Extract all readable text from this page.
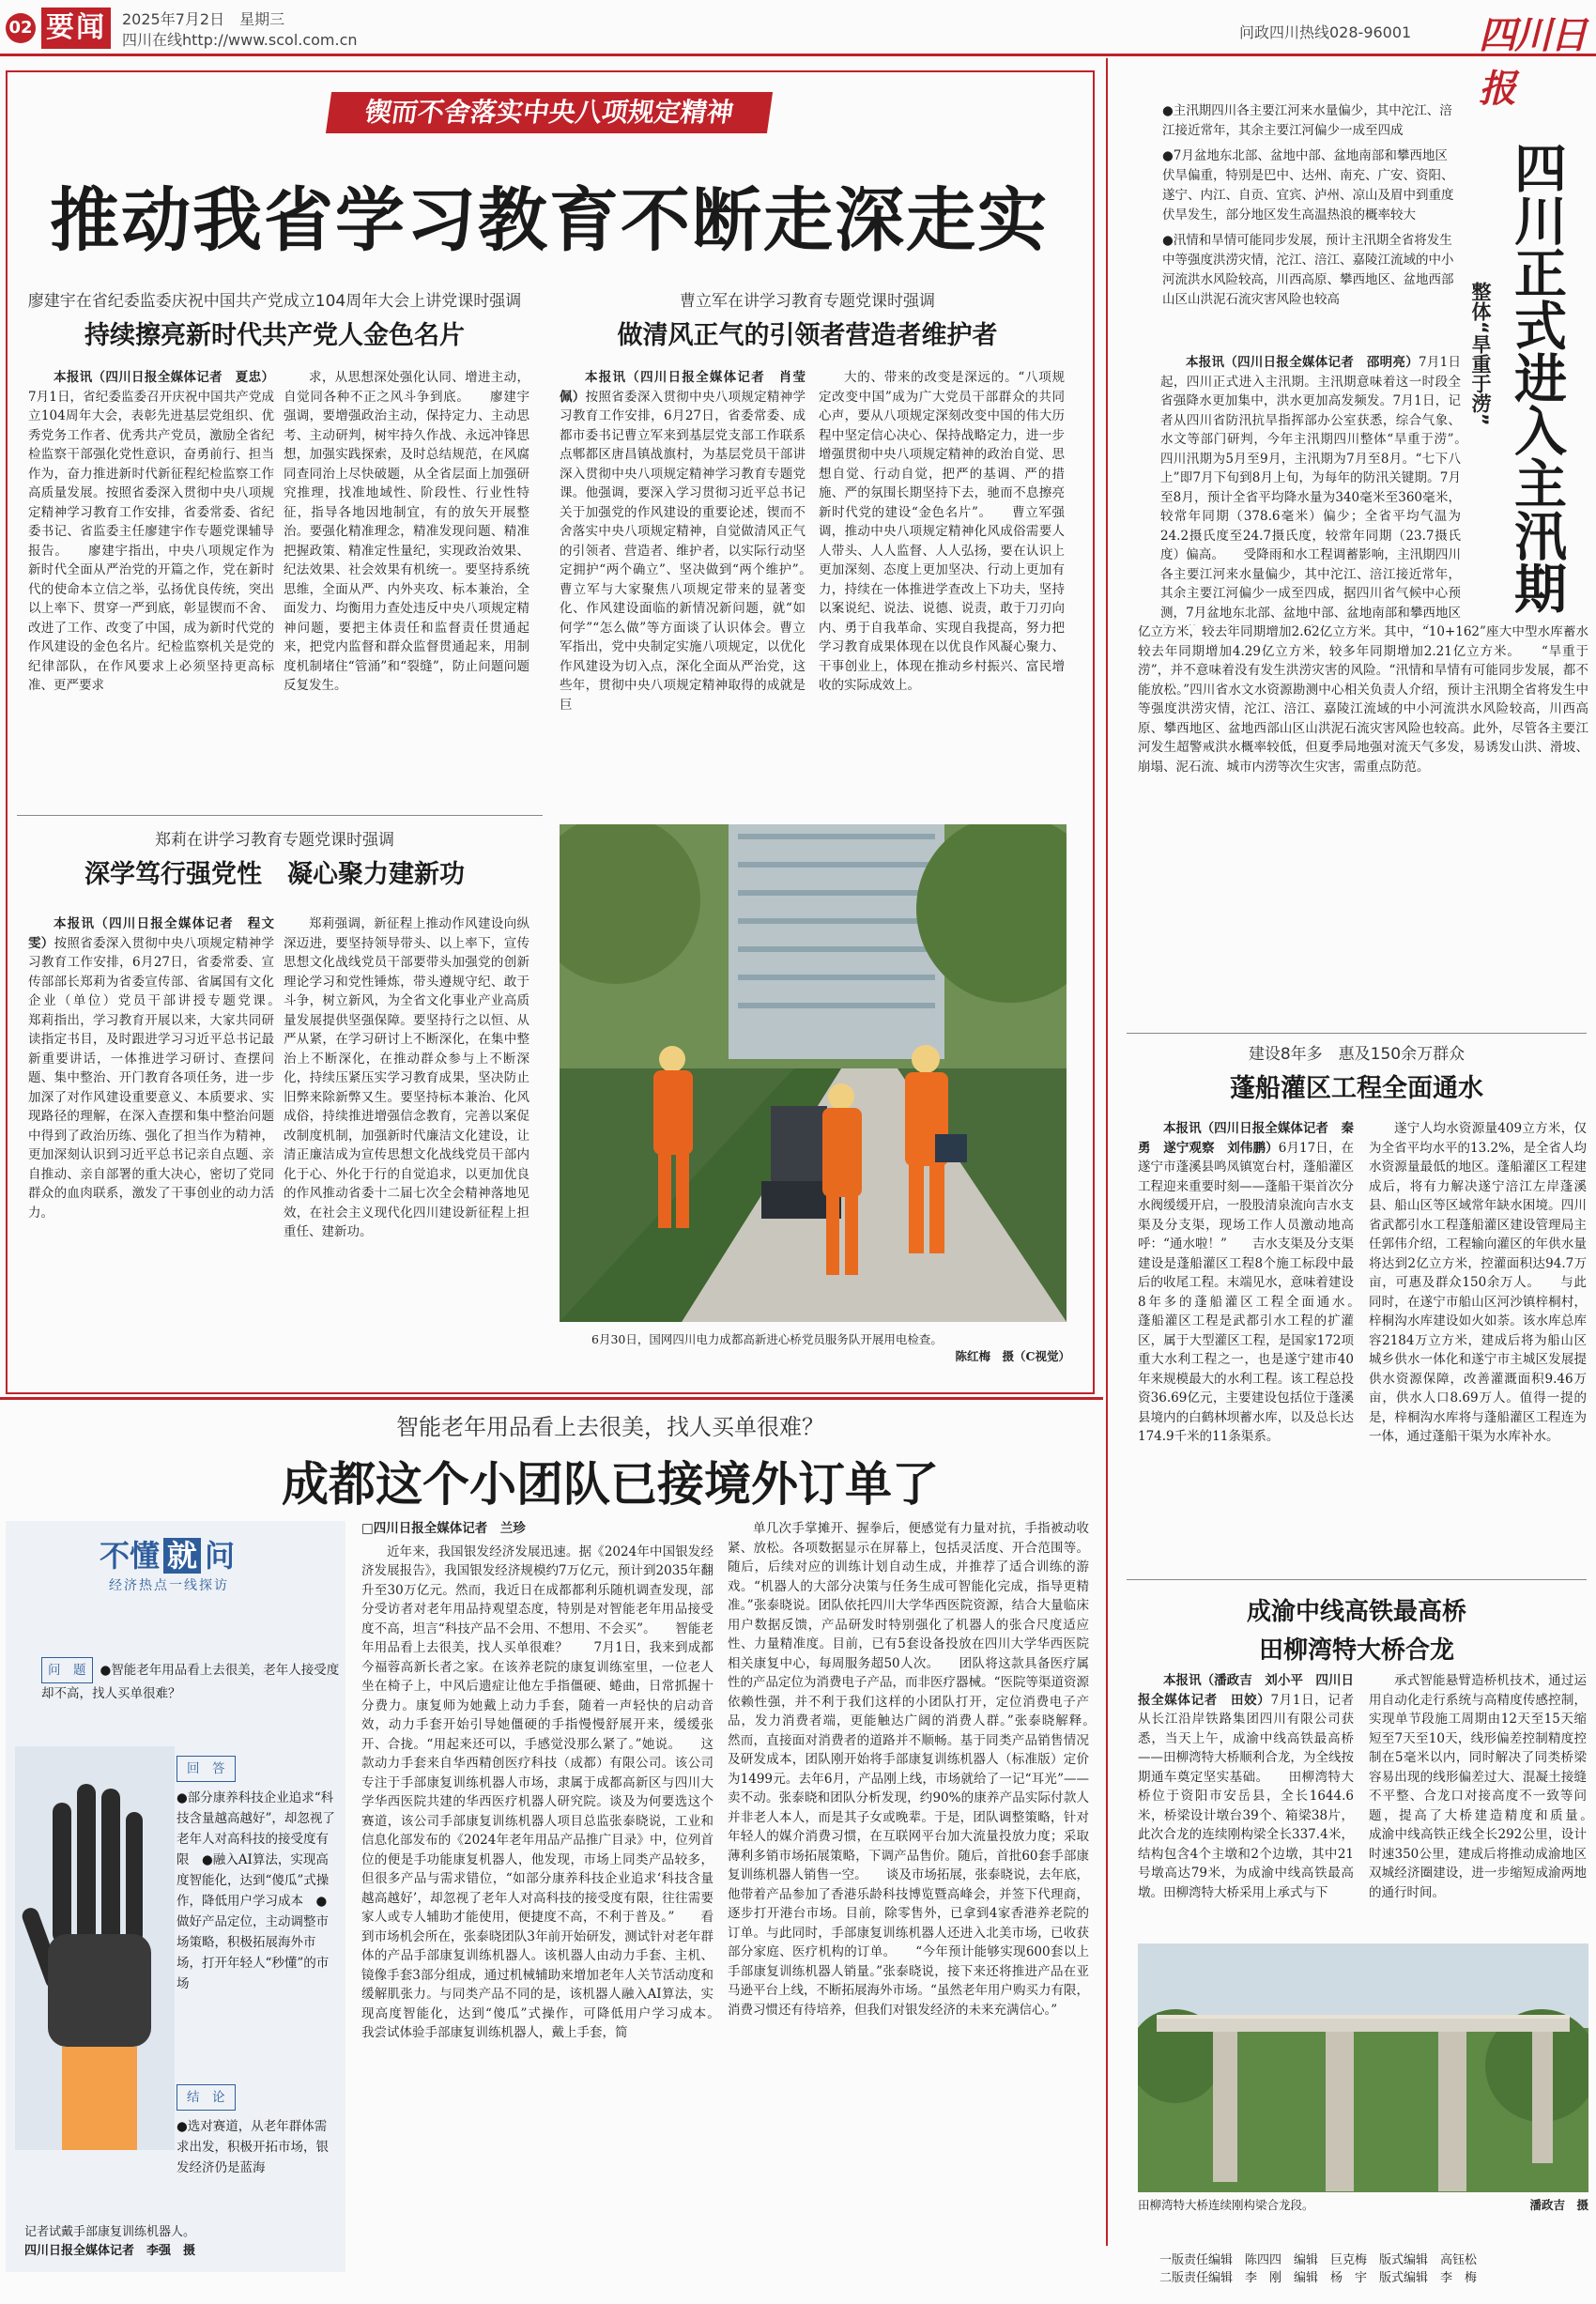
02 要闻	2025年7月2日　星期三
四川在线http://www.scol.com.cn	问政四川热线028-96001 四川日报
锲而不舍落实中央八项规定精神
推动我省学习教育不断走深走实
廖建宇在省纪委监委庆祝中国共产党成立104周年大会上讲党课时强调
持续擦亮新时代共产党人金色名片

本报讯（四川日报全媒体记者　夏忠）7月1日，省纪委监委召开庆祝中国共产党成立104周年大会，表彰先进基层党组织、优秀党务工作者、优秀共产党员，激励全省纪检监察干部强化党性意识，奋勇前行、担当作为，奋力推进新时代新征程纪检监察工作高质量发展。按照省委深入贯彻中央八项规定精神学习教育工作安排，省委常委、省纪委书记、省监委主任廖建宇作专题党课辅导报告。　　廖建宇指出，中央八项规定作为新时代全面从严治党的开篇之作，党在新时代的使命本立信之举，弘扬优良传统，突出以上率下、贯穿一严到底，彰显锲而不舍、改进了工作、改变了中国，成为新时代党的作风建设的金色名片。纪检监察机关是党的纪律部队，在作风要求上必须坚持更高标准、更严要求

求，从思想深处强化认同、增进主动，自觉同各种不正之风斗争到底。　　廖建宇强调，要增强政治主动，保持定力、主动思考、主动研判，树牢持久作战、永远冲锋思想，加强实践探索，及时总结规范，在风腐同查同治上尽快破题，从全省层面上加强研究推理，找准地域性、阶段性、行业性特征，指导各地因地制宜，有的放矢开展整治。要强化精准理念，精准发现问题、精准把握政策、精准定性量纪，实现政治效果、纪法效果、社会效果有机统一。要坚持系统思维，全面从严、内外夹攻、标本兼治，全面发力、均衡用力查处违反中央八项规定精神问题，要把主体责任和监督责任贯通起来，把党内监督和群众监督贯通起来，用制度机制堵住“管涌”和“裂缝”，防止问题问题反复发生。

曹立军在讲学习教育专题党课时强调
做清风正气的引领者营造者维护者

本报讯（四川日报全媒体记者　肖莹佩）按照省委深入贯彻中央八项规定精神学习教育工作安排，6月27日，省委常委、成都市委书记曹立军来到基层党支部工作联系点郫都区唐昌镇战旗村，为基层党员干部讲深入贯彻中央八项规定精神学习教育专题党课。他强调，要深入学习贯彻习近平总书记关于加强党的作风建设的重要论述，锲而不舍落实中央八项规定精神，自觉做清风正气的引领者、营造者、维护者，以实际行动坚定拥护“两个确立”、坚决做到“两个维护”。　　曹立军与大家聚焦八项规定带来的显著变化、作风建设面临的新情况新问题，就“如何学”“怎么做”等方面谈了认识体会。曹立军指出，党中央制定实施八项规定，以优化作风建设为切入点，深化全面从严治党，这些年，贯彻中央八项规定精神取得的成就是巨

大的、带来的改变是深远的。“八项规定改变中国”成为广大党员干部群众的共同心声，要从八项规定深刻改变中国的伟大历程中坚定信心决心、保持战略定力，进一步增强贯彻中央八项规定精神的政治自觉、思想自觉、行动自觉，把严的基调、严的措施、严的氛围长期坚持下去，驰而不息擦亮新时代党的建设“金色名片”。　　曹立军强调，推动中央八项规定精神化风成俗需要人人带头、人人监督、人人弘扬，要在认识上更加深刻、态度上更加坚决、行动上更加有力，持续在一体推进学查改上下功夫，坚持以案说纪、说法、说德、说责，敢于刀刃向内、勇于自我革命、实现自我提高，努力把学习教育成果体现在以优良作风凝心聚力、干事创业上，体现在推动乡村振兴、富民增收的实际成效上。

郑莉在讲学习教育专题党课时强调
深学笃行强党性　凝心聚力建新功

本报讯（四川日报全媒体记者　程文雯）按照省委深入贯彻中央八项规定精神学习教育工作安排，6月27日，省委常委、宣传部部长郑莉为省委宣传部、省属国有文化企业（单位）党员干部讲授专题党课。　　郑莉指出，学习教育开展以来，大家共同研读指定书目，及时跟进学习习近平总书记最新重要讲话，一体推进学习研讨、查摆问题、集中整治、开门教育各项任务，进一步加深了对作风建设重要意义、本质要求、实现路径的理解，在深入查摆和集中整治问题中得到了政治历练、强化了担当作为精神，更加深刻认识到习近平总书记亲自点题、亲自推动、亲自部署的重大决心，密切了党同群众的血肉联系，激发了干事创业的动力活力。

郑莉强调，新征程上推动作风建设向纵深迈进，要坚持领导带头、以上率下，宣传思想文化战线党员干部要带头加强党的创新理论学习和党性锤炼，带头遵规守纪、敢于斗争，树立新风，为全省文化事业产业高质量发展提供坚强保障。要坚持行之以恒、从严从紧，在学习研讨上不断深化，在集中整治上不断深化，在推动群众参与上不断深化，持续压紧压实学习教育成果，坚决防止旧弊来除新弊又生。要坚持标本兼治、化风成俗，持续推进增强信念教育，完善以案促改制度机制，加强新时代廉洁文化建设，让清正廉洁成为宣传思想文化战线党员干部内化于心、外化于行的自觉追求，以更加优良的作风推动省委十二届七次全会精神落地见效，在社会主义现代化四川建设新征程上担重任、建新功。

6月30日，国网四川电力成都高新进心桥党员服务队开展用电检查。
陈红梅　摄（C视觉）
智能老年用品看上去很美，找人买单很难？
成都这个小团队已接境外订单了
不懂 就 问
经济热点一线探访
问　题 ●智能老年用品看上去很美，老年人接受度却不高，找人买单很难？
回　答
●部分康养科技企业追求“科技含量越高越好”，却忽视了老年人对高科技的接受度有限　●融入AI算法，实现高度智能化，达到“傻瓜”式操作，降低用户学习成本　●做好产品定位，主动调整市场策略，积极拓展海外市场，打开年轻人“秒懂”的市场
结　论
●选对赛道，从老年群体需求出发，积极开拓市场，银发经济仍是蓝海
记者试戴手部康复训练机器人。
四川日报全媒体记者　李强　摄
□四川日报全媒体记者　兰珍

近年来，我国银发经济发展迅速。据《2024年中国银发经济发展报告》，我国银发经济规模约7万亿元，预计到2035年翻升至30万亿元。然而，我近日在成都都利乐随机调查发现，部分受访者对老年用品持观望态度，特别是对智能老年用品接受度不高，坦言“科技产品不会用、不想用、不会买”。　　智能老年用品看上去很美，找人买单很难？　　7月1日，我来到成都今福蓉高新长者之家。在该养老院的康复训练室里，一位老人坐在椅子上，中风后遗症让他左手指僵硬、蜷曲，日常抓握十分费力。康复师为她戴上动力手套，随着一声轻快的启动音效，动力手套开始引导她僵硬的手指慢慢舒展开来，缓缓张开、合拢。“用起来还可以，手感觉没那么紧了。”她说。　　这款动力手套来自华西精创医疗科技（成都）有限公司。该公司专注于手部康复训练机器人市场，隶属于成都高新区与四川大学华西医院共建的华西医疗机器人研究院。谈及为何要选这个赛道，该公司手部康复训练机器人项目总监张泰晓说，工业和信息化部发布的《2024年老年用品产品推广目录》中，位列首位的便是手功能康复机器人，他发现，市场上同类产品较多，但很多产品与需求错位，“如部分康养科技企业追求‘科技含量越高越好’，却忽视了老年人对高科技的接受度有限，往往需要家人或专人辅助才能使用，便捷度不高，不利于普及。”　　看到市场机会所在，张泰晓团队3年前开始研发，测试针对老年群体的产品手部康复训练机器人。该机器人由动力手套、主机、镜像手套3部分组成，通过机械辅助来增加老年人关节活动度和缓解肌张力。与同类产品不同的是，该机器人融入AI算法，实现高度智能化，达到“傻瓜”式操作，可降低用户学习成本。　　我尝试体验手部康复训练机器人，戴上手套，简

单几次手掌摊开、握拳后，便感觉有力量对抗，手指被动收紧、放松。各项数据显示在屏幕上，包括灵活度、开合范围等。随后，后续对应的训练计划自动生成，并推荐了适合训练的游戏。“机器人的大部分决策与任务生成可智能化完成，指导更精准。”张泰晓说。团队依托四川大学华西医院资源，结合大量临床用户数据反馈，产品研发时特别强化了机器人的张合尺度适应性、力量精准度。目前，已有5套设备投放在四川大学华西医院相关康复中心，每周服务超50人次。　　团队将这款具备医疗属性的产品定位为消费电子产品，而非医疗器械。“医院等渠道资源依赖性强，并不利于我们这样的小团队打开，定位消费电子产品，发力消费者端，更能触达广阔的消费人群。”张泰晓解释。　　然而，直接面对消费者的道路并不顺畅。基于同类产品销售情况及研发成本，团队刚开始将手部康复训练机器人（标准版）定价为1499元。去年6月，产品刚上线，市场就给了一记“耳光”——卖不动。张泰晓和团队分析发现，约90%的康养产品实际付款人并非老人本人，而是其子女或晚辈。于是，团队调整策略，针对年轻人的媒介消费习惯，在互联网平台加大流量投放力度；采取薄利多销市场拓展策略，下调产品售价。随后，首批60套手部康复训练机器人销售一空。　　谈及市场拓展，张泰晓说，去年底，他带着产品参加了香港乐龄科技博览暨高峰会，并签下代理商，逐步打开港台市场。目前，除零售外，已拿到4家香港养老院的订单。与此同时，手部康复训练机器人还进入北美市场，已收获部分家庭、医疗机构的订单。　　“今年预计能够实现600套以上手部康复训练机器人销量。”张泰晓说，接下来还将推进产品在亚马逊平台上线，不断拓展海外市场。“虽然老年用户购买力有限，消费习惯还有待培养，但我们对银发经济的未来充满信心。”

●主汛期四川各主要江河来水量偏少，其中沱江、涪江接近常年，其余主要江河偏少一成至四成
●7月盆地东北部、盆地中部、盆地南部和攀西地区伏旱偏重，特别是巴中、达州、南充、广安、资阳、遂宁、内江、自贡、宜宾、泸州、凉山及眉中到重度伏旱发生，部分地区发生高温热浪的概率较大
●汛情和旱情可能同步发展，预计主汛期全省将发生中等强度洪涝灾情，沱江、涪江、嘉陵江流域的中小河流洪水风险较高，川西高原、攀西地区、盆地西部山区山洪泥石流灾害风险也较高	四川正式进入主汛期
整体“旱重于涝”

本报讯（四川日报全媒体记者　邵明亮）7月1日起，四川正式进入主汛期。主汛期意味着这一时段全省强降水更加集中，洪水更加高发频发。7月1日，记者从四川省防汛抗旱指挥部办公室获悉，综合气象、水文等部门研判，今年主汛期四川整体“旱重于涝”。　　四川汛期为5月至9月，主汛期为7月至8月。“七下八上”即7月下旬到8月上旬，为每年的防汛关键期。7月至8月，预计全省平均降水量为340毫米至360毫米，较常年同期（378.6毫米）偏少；全省平均气温为24.2摄氏度至24.7摄氏度，较常年同期（23.7摄氏度）偏高。　　受降雨和水工程调蓄影响，主汛期四川各主要江河来水量偏少，其中沱江、涪江接近常年，其余主要江河偏少一成至四成，据四川省气候中心预测，7月盆地东北部、盆地中部、盆地南部和攀西地区　　　　

　　　　　　亿立方米，较去年同期增加2.62亿立方米。其中，“10+162”座大中型水库蓄水较去年同期增加4.29亿立方米，较多年同期增加2.21亿立方米。　　“旱重于涝”，并不意味着没有发生洪涝灾害的风险。“汛情和旱情有可能同步发展，都不能放松。”四川省水文水资源勘测中心相关负责人介绍，预计主汛期全省将发生中等强度洪涝灾情，沱江、涪江、嘉陵江流域的中小河流洪水风险较高，川西高原、攀西地区、盆地西部山区山洪泥石流灾害风险也较高。此外，尽管各主要江河发生超警戒洪水概率较低，但夏季局地强对流天气多发，易诱发山洪、滑坡、崩塌、泥石流、城市内涝等次生灾害，需重点防范。

建设8年多　惠及150余万群众
蓬船灌区工程全面通水

本报讯（四川日报全媒体记者　秦勇　遂宁观察　刘伟鹏）6月17日，在遂宁市蓬溪县鸣凤镇宽台村，蓬船灌区工程迎来重要时刻——蓬船干渠首次分水阀缓缓开启，一股股清泉流向吉水支渠及分支渠，现场工作人员激动地高呼：“通水啦！”　　吉水支渠及分支渠建设是蓬船灌区工程8个施工标段中最后的收尾工程。末端见水，意味着建设8年多的蓬船灌区工程全面通水。　　蓬船灌区工程是武都引水工程的扩灌区，属于大型灌区工程，是国家172项重大水利工程之一，也是遂宁建市40年来规模最大的水利工程。该工程总投资36.69亿元，主要建设包括位于蓬溪县境内的白鹤林坝蓄水库，以及总长达174.9千米的11条渠系。

遂宁人均水资源量409立方米，仅为全省平均水平的13.2%，是全省人均水资源量最低的地区。蓬船灌区工程建成后，将有力解决遂宁涪江左岸蓬溪县、船山区等区域常年缺水困境。四川省武都引水工程蓬船灌区建设管理局主任郭伟介绍，工程输向灌区的年供水量将达到2亿立方米，控灌面积达94.7万亩，可惠及群众150余万人。　　与此同时，在遂宁市船山区河沙镇梓桐村，梓桐沟水库建设如火如荼。该水库总库容2184万立方米，建成后将为船山区城乡供水一体化和遂宁市主城区发展提供水资源保障，改善灌溉面积9.46万亩，供水人口8.69万人。值得一提的是，梓桐沟水库将与蓬船灌区工程连为一体，通过蓬船干渠为水库补水。

成渝中线高铁最高桥
田柳湾特大桥合龙

本报讯（潘政吉　刘小平　四川日报全媒体记者　田姣）7月1日，记者从长江沿岸铁路集团四川有限公司获悉，当天上午，成渝中线高铁最高桥——田柳湾特大桥顺利合龙，为全线按期通车奠定坚实基础。　　田柳湾特大桥位于资阳市安岳县，全长1644.6米，桥梁设计墩台39个、箱梁38片，此次合龙的连续刚构梁全长337.4米，结构包含4个主墩和2个边墩，其中21号墩高达79米，为成渝中线高铁最高墩。田柳湾特大桥采用上承式与下

承式智能悬臂造桥机技术，通过运用自动化走行系统与高精度传感控制，实现单节段施工周期由12天至15天缩短至7天至10天，线形偏差控制精度控制在5毫米以内，同时解决了同类桥梁容易出现的线形偏差过大、混凝土接缝不平整、合龙口对接高度不一致等问题，提高了大桥建造精度和质量。　　成渝中线高铁正线全长292公里，设计时速350公里，建成后将推动成渝地区双城经济圈建设，进一步缩短成渝两地的通行时间。

田柳湾特大桥连续刚构梁合龙段。	潘政吉　摄
一版责任编辑　陈四四　编辑　巨克梅　版式编辑　高钰松
二版责任编辑　李　刚　编辑　杨　宇　版式编辑　李　梅
